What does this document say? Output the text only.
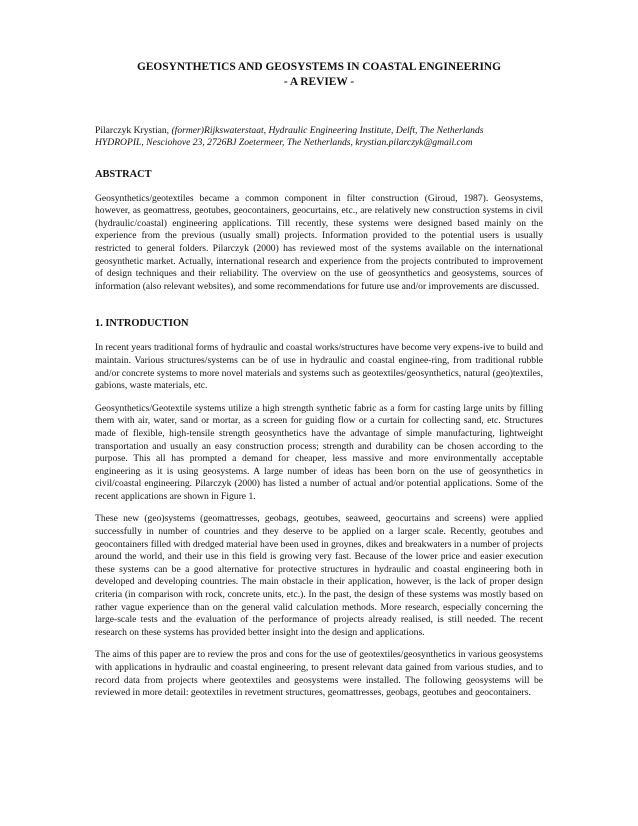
GEOSYNTHETICS AND GEOSYSTEMS IN COASTAL ENGINEERING
- A REVIEW -
Pilarczyk Krystian, (former)Rijkswaterstaat, Hydraulic Engineering Institute, Delft, The Netherlands
HYDROPIL, Nesciohove 23, 2726BJ Zoetermeer, The Netherlands, krystian.pilarczyk@gmail.com
ABSTRACT

Geosynthetics/geotextiles became a common component in filter construction (Giroud, 1987). Geosystems, however, as geomattress, geotubes, geocontainers, geocurtains, etc., are relatively new construction systems in civil (hydraulic/coastal) engineering applications. Till recently, these systems were designed based mainly on the experience from the previous (usually small) projects. Information provided to the potential users is usually restricted to general folders. Pilarczyk (2000) has reviewed most of the systems available on the international geosynthetic market. Actually, international research and experience from the projects contributed to improvement of design techniques and their reliability. The overview on the use of geosynthetics and geosystems, sources of information (also relevant websites), and some recommendations for future use and/or improvements are discussed.

1. INTRODUCTION

In recent years traditional forms of hydraulic and coastal works/structures have become very expens-ive to build and maintain. Various structures/systems can be of use in hydraulic and coastal enginee-ring, from traditional rubble and/or concrete systems to more novel materials and systems such as geotextiles/geosynthetics, natural (geo)textiles, gabions, waste materials, etc.

Geosynthetics/Geotextile systems utilize a high strength synthetic fabric as a form for casting large units by filling them with air, water, sand or mortar, as a screen for guiding flow or a curtain for collecting sand, etc. Structures made of flexible, high-tensile strength geosynthetics have the advantage of simple manufacturing, lightweight transportation and usually an easy construction process; strength and durability can be chosen according to the purpose. This all has prompted a demand for cheaper, less massive and more environmentally acceptable engineering as it is using geosystems. A large number of ideas has been born on the use of geosynthetics in civil/coastal engineering. Pilarczyk (2000) has listed a number of actual and/or potential applications. Some of the recent applications are shown in Figure 1.

These new (geo)systems (geomattresses, geobags, geotubes, seaweed, geocurtains and screens) were applied successfully in number of countries and they deserve to be applied on a larger scale. Recently, geotubes and geocontainers filled with dredged material have been used in groynes, dikes and breakwaters in a number of projects around the world, and their use in this field is growing very fast. Because of the lower price and easier execution these systems can be a good alternative for protective structures in hydraulic and coastal engineering both in developed and developing countries. The main obstacle in their application, however, is the lack of proper design criteria (in comparison with rock, concrete units, etc.). In the past, the design of these systems was mostly based on rather vague experience than on the general valid calculation methods. More research, especially concerning the large-scale tests and the evaluation of the performance of projects already realised, is still needed. The recent research on these systems has provided better insight into the design and applications.

The aims of this paper are to review the pros and cons for the use of geotextiles/geosynthetics in various geosystems with applications in hydraulic and coastal engineering, to present relevant data gained from various studies, and to record data from projects where geotextiles and geosystems were installed. The following geosystems will be reviewed in more detail: geotextiles in revetment structures, geomattresses, geobags, geotubes and geocontainers.
